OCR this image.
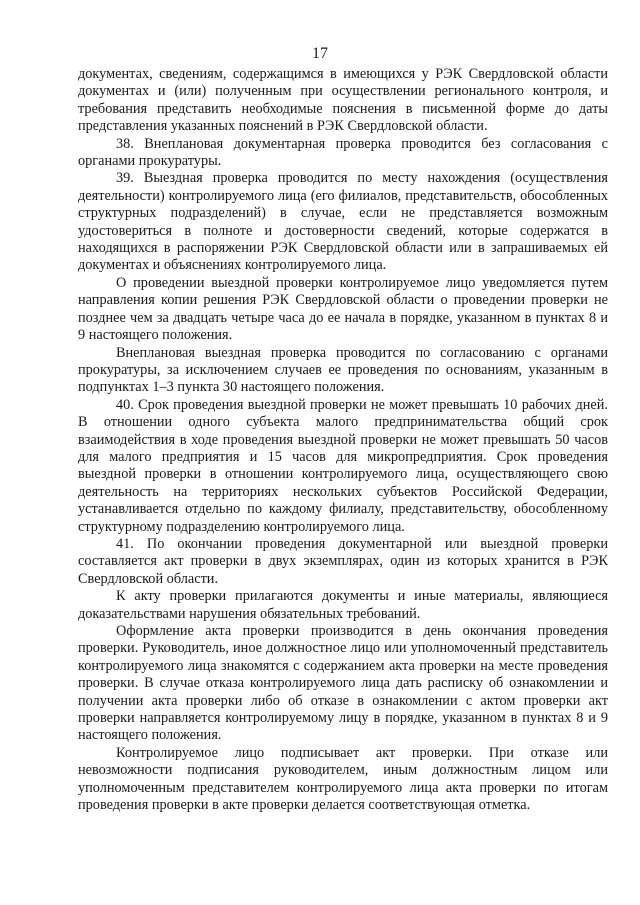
17

документах, сведениям, содержащимся в имеющихся у РЭК Свердловской области документах и (или) полученным при осуществлении регионального контроля, и требования представить необходимые пояснения в письменной форме до даты представления указанных пояснений в РЭК Свердловской области.

38. Внеплановая документарная проверка проводится без согласования с органами прокуратуры.

39. Выездная проверка проводится по месту нахождения (осуществления деятельности) контролируемого лица (его филиалов, представительств, обособленных структурных подразделений) в случае, если не представляется возможным удостовериться в полноте и достоверности сведений, которые содержатся в находящихся в распоряжении РЭК Свердловской области или в запрашиваемых ей документах и объяснениях контролируемого лица.

О проведении выездной проверки контролируемое лицо уведомляется путем направления копии решения РЭК Свердловской области о проведении проверки не позднее чем за двадцать четыре часа до ее начала в порядке, указанном в пунктах 8 и 9 настоящего положения.

Внеплановая выездная проверка проводится по согласованию с органами прокуратуры, за исключением случаев ее проведения по основаниям, указанным в подпунктах 1–3 пункта 30 настоящего положения.

40. Срок проведения выездной проверки не может превышать 10 рабочих дней. В отношении одного субъекта малого предпринимательства общий срок взаимодействия в ходе проведения выездной проверки не может превышать 50 часов для малого предприятия и 15 часов для микропредприятия. Срок проведения выездной проверки в отношении контролируемого лица, осуществляющего свою деятельность на территориях нескольких субъектов Российской Федерации, устанавливается отдельно по каждому филиалу, представительству, обособленному структурному подразделению контролируемого лица.

41. По окончании проведения документарной или выездной проверки составляется акт проверки в двух экземплярах, один из которых хранится в РЭК Свердловской области.

К акту проверки прилагаются документы и иные материалы, являющиеся доказательствами нарушения обязательных требований.

Оформление акта проверки производится в день окончания проведения проверки. Руководитель, иное должностное лицо или уполномоченный представитель контролируемого лица знакомятся с содержанием акта проверки на месте проведения проверки. В случае отказа контролируемого лица дать расписку об ознакомлении и получении акта проверки либо об отказе в ознакомлении с актом проверки акт проверки направляется контролируемому лицу в порядке, указанном в пунктах 8 и 9 настоящего положения.

Контролируемое лицо подписывает акт проверки. При отказе или невозможности подписания руководителем, иным должностным лицом или уполномоченным представителем контролируемого лица акта проверки по итогам проведения проверки в акте проверки делается соответствующая отметка.
